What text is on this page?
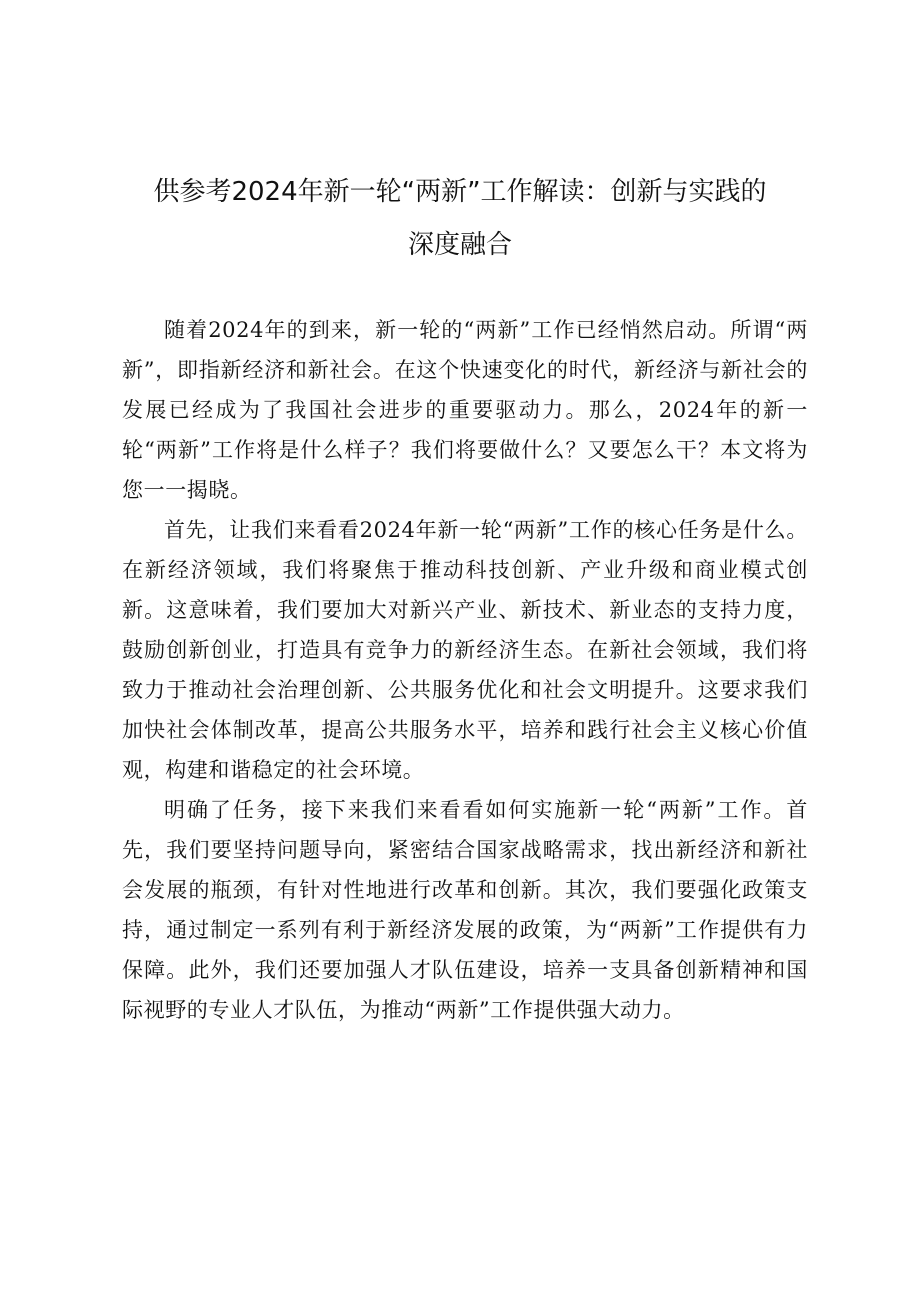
供参考2024年新一轮“两新”工作解读：创新与实践的
深度融合

随着2024年的到来，新一轮的“两新”工作已经悄然启动。所谓“两新”，即指新经济和新社会。在这个快速变化的时代，新经济与新社会的发展已经成为了我国社会进步的重要驱动力。那么，2024年的新一轮“两新”工作将是什么样子？我们将要做什么？又要怎么干？本文将为您一一揭晓。

首先，让我们来看看2024年新一轮“两新”工作的核心任务是什么。在新经济领域，我们将聚焦于推动科技创新、产业升级和商业模式创新。这意味着，我们要加大对新兴产业、新技术、新业态的支持力度，鼓励创新创业，打造具有竞争力的新经济生态。在新社会领域，我们将致力于推动社会治理创新、公共服务优化和社会文明提升。这要求我们加快社会体制改革，提高公共服务水平，培养和践行社会主义核心价值观，构建和谐稳定的社会环境。

明确了任务，接下来我们来看看如何实施新一轮“两新”工作。首先，我们要坚持问题导向，紧密结合国家战略需求，找出新经济和新社会发展的瓶颈，有针对性地进行改革和创新。其次，我们要强化政策支持，通过制定一系列有利于新经济发展的政策，为“两新”工作提供有力保障。此外，我们还要加强人才队伍建设，培养一支具备创新精神和国际视野的专业人才队伍，为推动“两新”工作提供强大动力。
